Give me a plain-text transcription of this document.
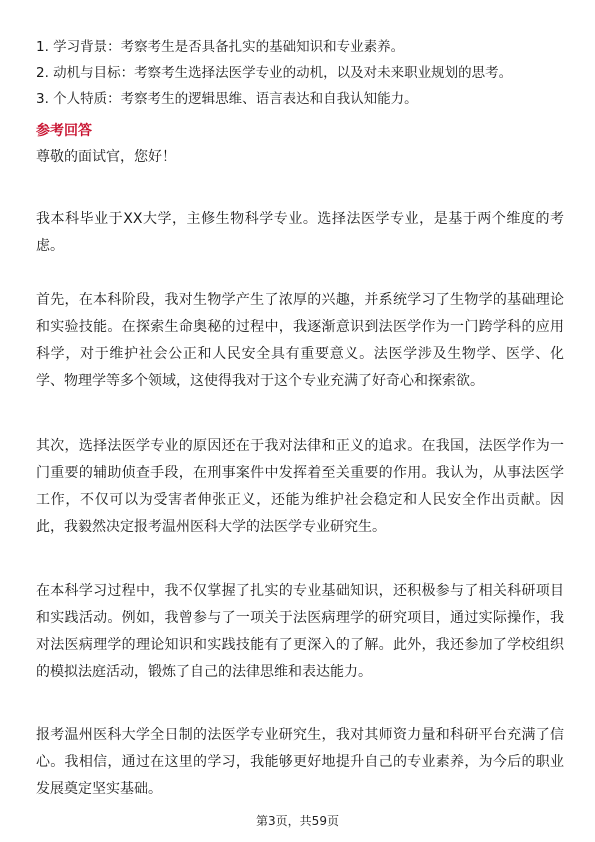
1. 学习背景：考察考生是否具备扎实的基础知识和专业素养。
2. 动机与目标：考察考生选择法医学专业的动机，以及对未来职业规划的思考。
3. 个人特质：考察考生的逻辑思维、语言表达和自我认知能力。
参考回答
尊敬的面试官，您好！
我本科毕业于XX大学，主修生物科学专业。选择法医学专业，是基于两个维度的考虑。
首先，在本科阶段，我对生物学产生了浓厚的兴趣，并系统学习了生物学的基础理论和实验技能。在探索生命奥秘的过程中，我逐渐意识到法医学作为一门跨学科的应用科学，对于维护社会公正和人民安全具有重要意义。法医学涉及生物学、医学、化学、物理学等多个领域，这使得我对于这个专业充满了好奇心和探索欲。
其次，选择法医学专业的原因还在于我对法律和正义的追求。在我国，法医学作为一门重要的辅助侦查手段，在刑事案件中发挥着至关重要的作用。我认为，从事法医学工作，不仅可以为受害者伸张正义，还能为维护社会稳定和人民安全作出贡献。因此，我毅然决定报考温州医科大学的法医学专业研究生。
在本科学习过程中，我不仅掌握了扎实的专业基础知识，还积极参与了相关科研项目和实践活动。例如，我曾参与了一项关于法医病理学的研究项目，通过实际操作，我对法医病理学的理论知识和实践技能有了更深入的了解。此外，我还参加了学校组织的模拟法庭活动，锻炼了自己的法律思维和表达能力。
报考温州医科大学全日制的法医学专业研究生，我对其师资力量和科研平台充满了信心。我相信，通过在这里的学习，我能够更好地提升自己的专业素养，为今后的职业发展奠定坚实基础。
第3页，共59页
